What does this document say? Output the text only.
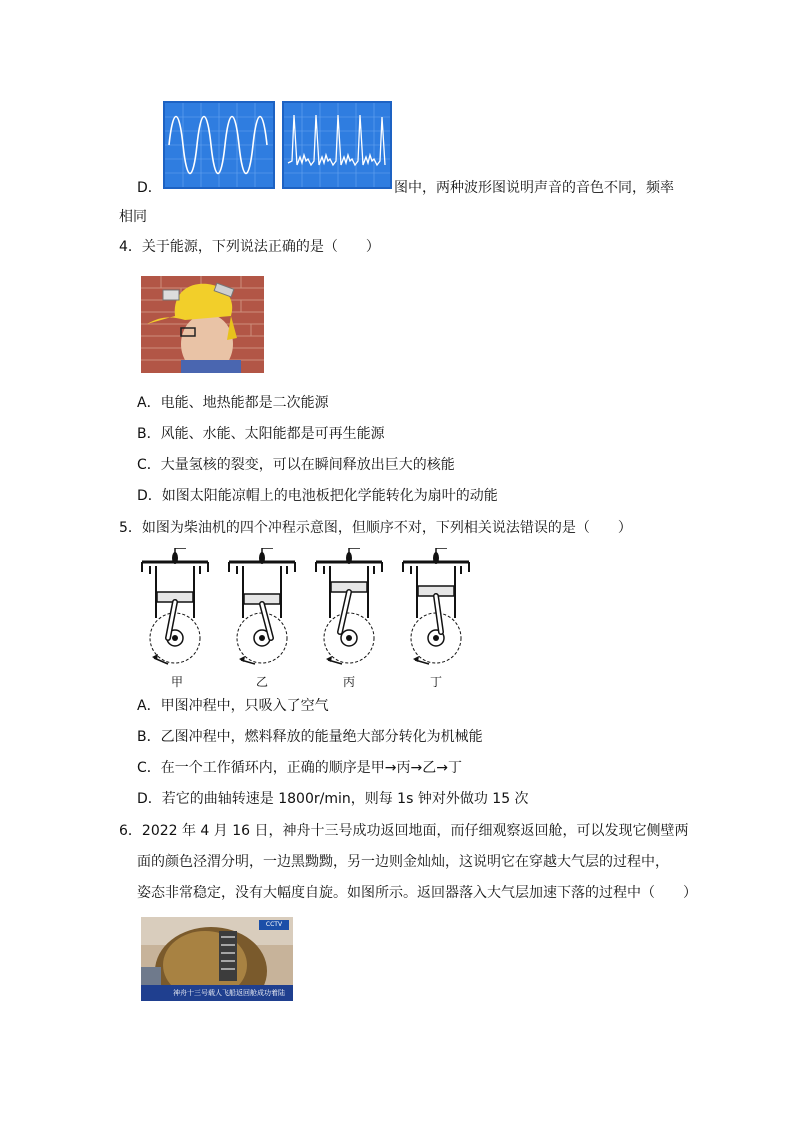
D．	图中，两种波形图说明声音的音色不同，频率
相同
4．关于能源，下列说法正确的是（　　）
A．电能、地热能都是二次能源
B．风能、水能、太阳能都是可再生能源
C．大量氢核的裂变，可以在瞬间释放出巨大的核能
D．如图太阳能凉帽上的电池板把化学能转化为扇叶的动能
5．如图为柴油机的四个冲程示意图，但顺序不对，下列相关说法错误的是（　　）
甲	乙	丙	丁
A．甲图冲程中，只吸入了空气
B．乙图冲程中，燃料释放的能量绝大部分转化为机械能
C．在一个工作循环内，正确的顺序是甲→丙→乙→丁
D．若它的曲轴转速是 1800r/min，则每 1s 钟对外做功 15 次
6．2022 年 4 月 16 日，神舟十三号成功返回地面，而仔细观察返回舱，可以发现它侧壁两
面的颜色泾渭分明，一边黑黝黝，另一边则金灿灿，这说明它在穿越大气层的过程中，
姿态非常稳定，没有大幅度自旋。如图所示。返回器落入大气层加速下落的过程中（　　）
神舟十三号载人飞船返回舱成功着陆
CCTV
